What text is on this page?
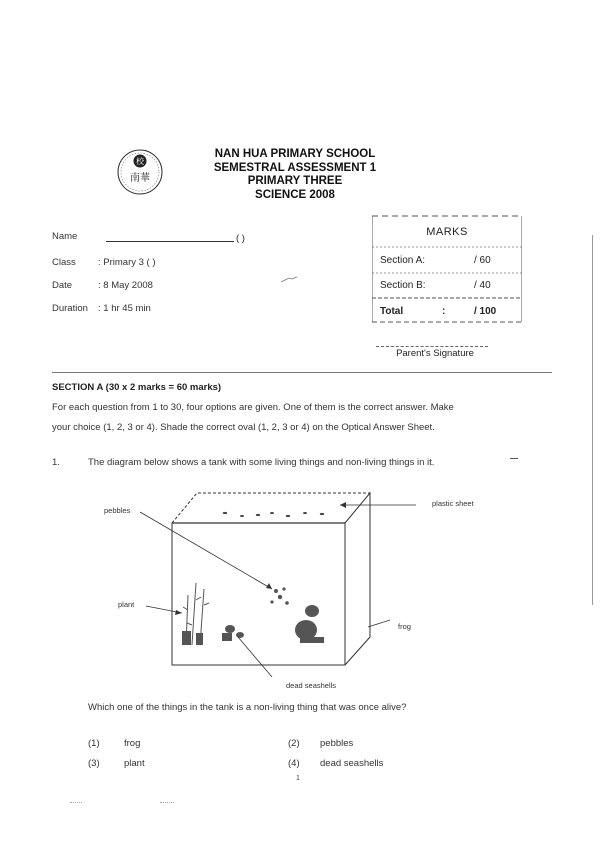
校
南華
NAN HUA PRIMARY SCHOOL
SEMESTRAL ASSESSMENT 1
PRIMARY THREE
SCIENCE 2008
Name	( )
Class : Primary 3 ( )
Date	: 8 May 2008
Duration : 1 hr 45 min
MARKS
Section A:	/ 60
Section B:	/ 40
Total	:	/ 100
Parent's Signature
SECTION A (30 x 2 marks = 60 marks)
For each question from 1 to 30, four options are given. One of them is the correct answer. Make
your choice (1, 2, 3 or 4). Shade the correct oval (1, 2, 3 or 4) on the Optical Answer Sheet.
1.	The diagram below shows a tank with some living things and non-living things in it.
pebbles
plastic sheet
plant
frog
dead seashells
Which one of the things in the tank is a non-living thing that was once alive?
(1)	frog	(2) pebbles
(3)	plant	(4) dead seashells
1
